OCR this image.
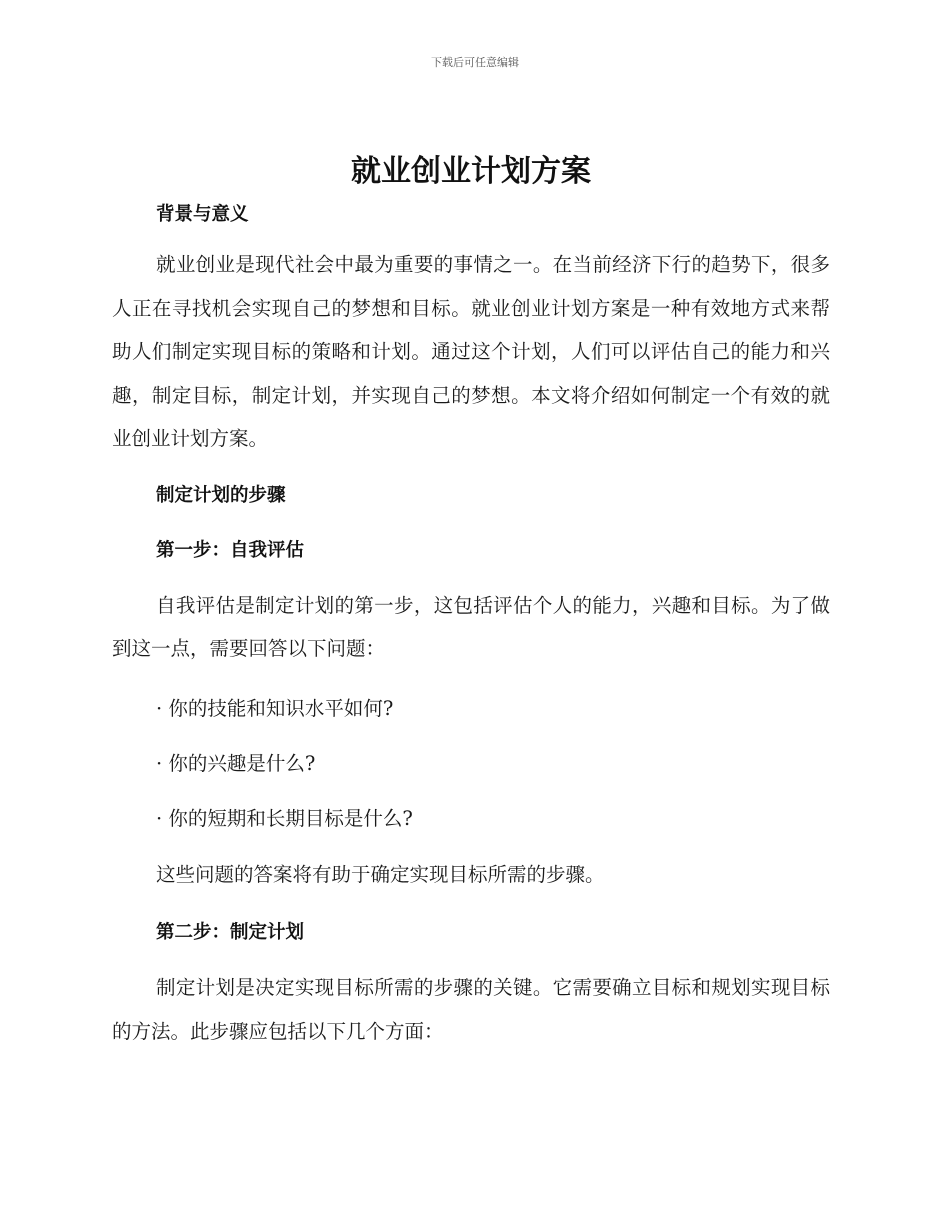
下载后可任意编辑
就业创业计划方案
背景与意义

就业创业是现代社会中最为重要的事情之一。在当前经济下行的趋势下，很多人正在寻找机会实现自己的梦想和目标。就业创业计划方案是一种有效地方式来帮助人们制定实现目标的策略和计划。通过这个计划，人们可以评估自己的能力和兴趣，制定目标，制定计划，并实现自己的梦想。本文将介绍如何制定一个有效的就业创业计划方案。

制定计划的步骤
第一步：自我评估

自我评估是制定计划的第一步，这包括评估个人的能力，兴趣和目标。为了做到这一点，需要回答以下问题：

· 你的技能和知识水平如何?

· 你的兴趣是什么?

· 你的短期和长期目标是什么?

这些问题的答案将有助于确定实现目标所需的步骤。

第二步：制定计划

制定计划是决定实现目标所需的步骤的关键。它需要确立目标和规划实现目标的方法。此步骤应包括以下几个方面：
